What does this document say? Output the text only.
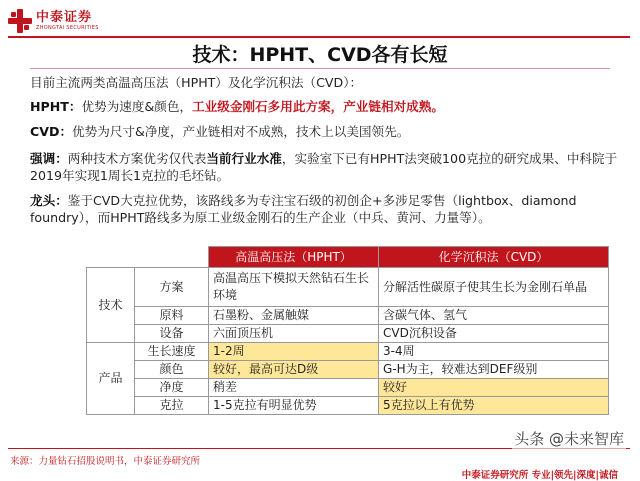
中泰证券
ZHONGTAI SECURITIES
技术：HPHT、CVD各有长短
目前主流两类高温高压法（HPHT）及化学沉积法（CVD）：
HPHT：优势为速度&颜色，工业级金刚石多用此方案，产业链相对成熟。
CVD：优势为尺寸&净度，产业链相对不成熟，技术上以美国领先。
强调：两种技术方案优劣仅代表当前行业水准，实验室下已有HPHT法突破100克拉的研究成果、中科院于2019年实现1周长1克拉的毛坯钻。
龙头：鉴于CVD大克拉优势，该路线多为专注宝石级的初创企+多涉足零售（lightbox、diamond foundry），而HPHT路线多为原工业级金刚石的生产企业（中兵、黄河、力量等）。
		高温高压法（HPHT）	化学沉积法（CVD）
技术	方案	高温高压下模拟天然钻石生长环境	分解活性碳原子使其生长为金刚石单晶
	原料	石墨粉、金属触媒	含碳气体、氢气
	设备	六面顶压机	CVD沉积设备
产品	生长速度	1-2周	3-4周
	颜色	较好，最高可达D级	G-H为主，较难达到DEF级别
	净度	稍差	较好
	克拉	1-5克拉有明显优势	5克拉以上有优势
来源：力量钻石招股说明书，中泰证券研究所
头条 @未来智库
中泰证券研究所 专业|领先|深度|诚信
